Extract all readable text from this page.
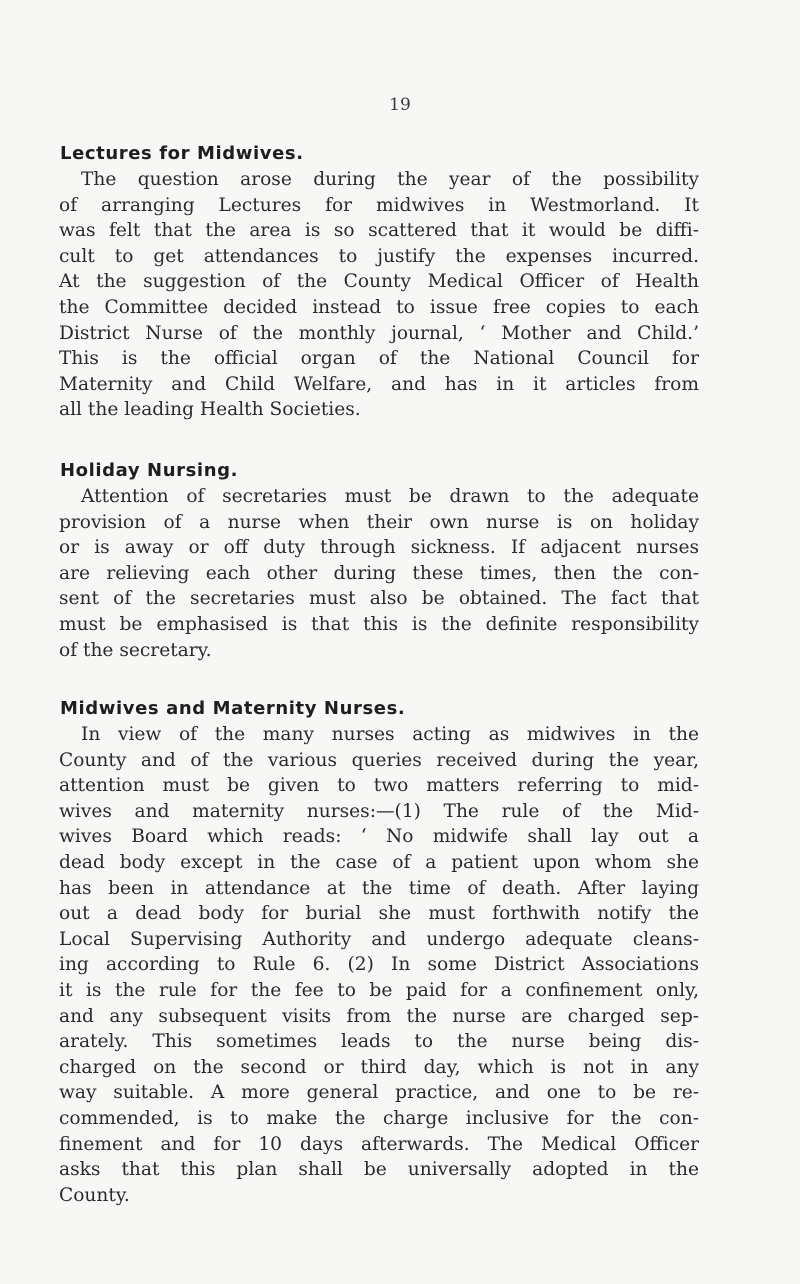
19
Lectures for Midwives.

The question arose during the year of the possibility
of arranging Lectures for midwives in Westmorland. It
was felt that the area is so scattered that it would be diffi-
cult to get attendances to justify the expenses incurred.
At the suggestion of the County Medical Officer of Health
the Committee decided instead to issue free copies to each
District Nurse of the monthly journal, ‘ Mother and Child.’
This is the official organ of the National Council for
Maternity and Child Welfare, and has in it articles from
all the leading Health Societies.

Holiday Nursing.

Attention of secretaries must be drawn to the adequate
provision of a nurse when their own nurse is on holiday
or is away or off duty through sickness. If adjacent nurses
are relieving each other during these times, then the con-
sent of the secretaries must also be obtained. The fact that
must be emphasised is that this is the definite responsibility
of the secretary.

Midwives and Maternity Nurses.

In view of the many nurses acting as midwives in the
County and of the various queries received during the year,
attention must be given to two matters referring to mid-
wives and maternity nurses:—(1) The rule of the Mid-
wives Board which reads: ‘ No midwife shall lay out a
dead body except in the case of a patient upon whom she
has been in attendance at the time of death. After laying
out a dead body for burial she must forthwith notify the
Local Supervising Authority and undergo adequate cleans-
ing according to Rule 6. (2) In some District Associations
it is the rule for the fee to be paid for a confinement only,
and any subsequent visits from the nurse are charged sep-
arately. This sometimes leads to the nurse being dis-
charged on the second or third day, which is not in any
way suitable. A more general practice, and one to be re-
commended, is to make the charge inclusive for the con-
finement and for 10 days afterwards. The Medical Officer
asks that this plan shall be universally adopted in the
County.
